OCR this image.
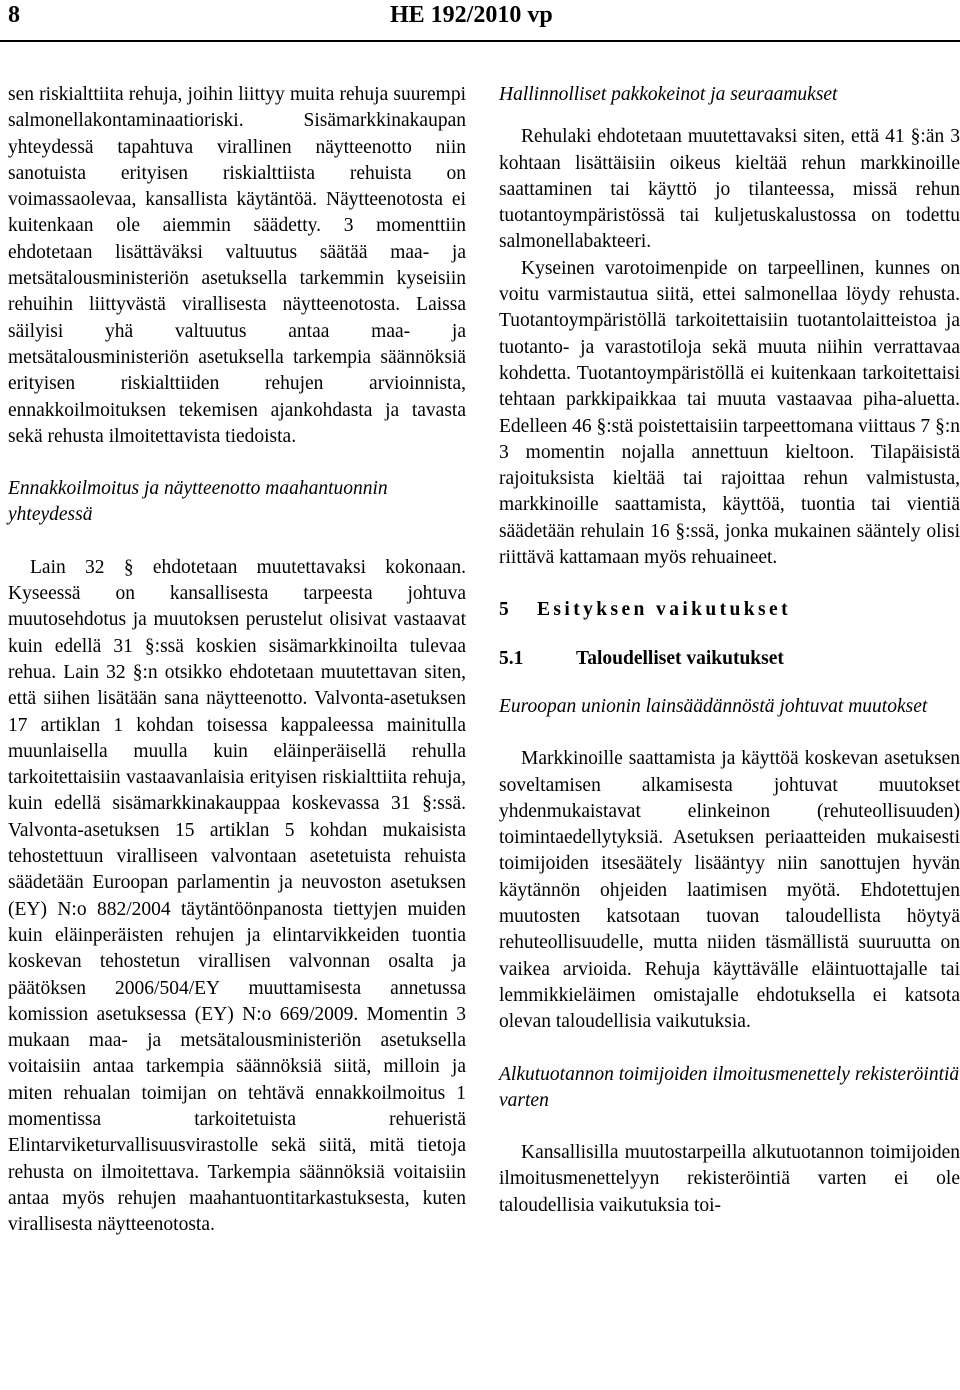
8	HE 192/2010 vp

sen riskialttiita rehuja, joihin liittyy muita rehuja suurempi salmonellakontaminaatioriski. Sisämarkkinakaupan yhteydessä tapahtuva virallinen näytteenotto niin sanotuista erityisen riskialttiista rehuista on voimassaolevaa, kansallista käytäntöä. Näytteenotosta ei kuitenkaan ole aiemmin säädetty. 3 momenttiin ehdotetaan lisättäväksi valtuutus säätää maa- ja metsätalousministeriön asetuksella tarkemmin kyseisiin rehuihin liittyvästä virallisesta näytteenotosta. Laissa säilyisi yhä valtuutus antaa maa- ja metsätalousministeriön asetuksella tarkempia säännöksiä erityisen riskialttiiden rehujen arvioinnista, ennakkoilmoituksen tekemisen ajankohdasta ja tavasta sekä rehusta ilmoitettavista tiedoista.

Ennakkoilmoitus ja näytteenotto maahantuonnin yhteydessä

Lain 32 § ehdotetaan muutettavaksi kokonaan. Kyseessä on kansallisesta tarpeesta johtuva muutosehdotus ja muutoksen perustelut olisivat vastaavat kuin edellä 31 §:ssä koskien sisämarkkinoilta tulevaa rehua. Lain 32 §:n otsikko ehdotetaan muutettavan siten, että siihen lisätään sana näytteenotto. Valvonta-asetuksen 17 artiklan 1 kohdan toisessa kappaleessa mainitulla muunlaisella muulla kuin eläinperäisellä rehulla tarkoitettaisiin vastaavanlaisia erityisen riskialttiita rehuja, kuin edellä sisämarkkinakauppaa koskevassa 31 §:ssä. Valvonta-asetuksen 15 artiklan 5 kohdan mukaisista tehostettuun viralliseen valvontaan asetetuista rehuista säädetään Euroopan parlamentin ja neuvoston asetuksen (EY) N:o 882/2004 täytäntöönpanosta tiettyjen muiden kuin eläinperäisten rehujen ja elintarvikkeiden tuontia koskevan tehostetun virallisen valvonnan osalta ja päätöksen 2006/504/EY muuttamisesta annetussa komission asetuksessa (EY) N:o 669/2009. Momentin 3 mukaan maa- ja metsätalousministeriön asetuksella voitaisiin antaa tarkempia säännöksiä siitä, milloin ja miten rehualan toimijan on tehtävä ennakkoilmoitus 1 momentissa tarkoitetuista rehueristä Elintarviketurvallisuusvirastolle sekä siitä, mitä tietoja rehusta on ilmoitettava. Tarkempia säännöksiä voitaisiin antaa myös rehujen maahantuontitarkastuksesta, kuten virallisesta näytteenotosta.

Hallinnolliset pakkokeinot ja seuraamukset

Rehulaki ehdotetaan muutettavaksi siten, että 41 §:än 3 kohtaan lisättäisiin oikeus kieltää rehun markkinoille saattaminen tai käyttö jo tilanteessa, missä rehun tuotantoympäristössä tai kuljetuskalustossa on todettu salmonellabakteeri.

Kyseinen varotoimenpide on tarpeellinen, kunnes on voitu varmistautua siitä, ettei salmonellaa löydy rehusta. Tuotantoympäristöllä tarkoitettaisiin tuotantolaitteistoa ja tuotanto- ja varastotiloja sekä muuta niihin verrattavaa kohdetta. Tuotantoympäristöllä ei kuitenkaan tarkoitettaisi tehtaan parkkipaikkaa tai muuta vastaavaa piha-aluetta. Edelleen 46 §:stä poistettaisiin tarpeettomana viittaus 7 §:n 3 momentin nojalla annettuun kieltoon. Tilapäisistä rajoituksista kieltää tai rajoittaa rehun valmistusta, markkinoille saattamista, käyttöä, tuontia tai vientiä säädetään rehulain 16 §:ssä, jonka mukainen sääntely olisi riittävä kattamaan myös rehuaineet.

5 Esityksen vaikutukset

5.1	Taloudelliset vaikutukset

Euroopan unionin lainsäädännöstä johtuvat muutokset

Markkinoille saattamista ja käyttöä koskevan asetuksen soveltamisen alkamisesta johtuvat muutokset yhdenmukaistavat elinkeinon (rehuteollisuuden) toimintaedellytyksiä. Asetuksen periaatteiden mukaisesti toimijoiden itsesäätely lisääntyy niin sanottujen hyvän käytännön ohjeiden laatimisen myötä. Ehdotettujen muutosten katsotaan tuovan taloudellista höytyä rehuteollisuudelle, mutta niiden täsmällistä suuruutta on vaikea arvioida. Rehuja käyttävälle eläintuottajalle tai lemmikkieläimen omistajalle ehdotuksella ei katsota olevan taloudellisia vaikutuksia.

Alkutuotannon toimijoiden ilmoitusmenettely rekisteröintiä varten

Kansallisilla muutostarpeilla alkutuotannon toimijoiden ilmoitusmenettelyyn rekisteröintiä varten ei ole taloudellisia vaikutuksia toi-
